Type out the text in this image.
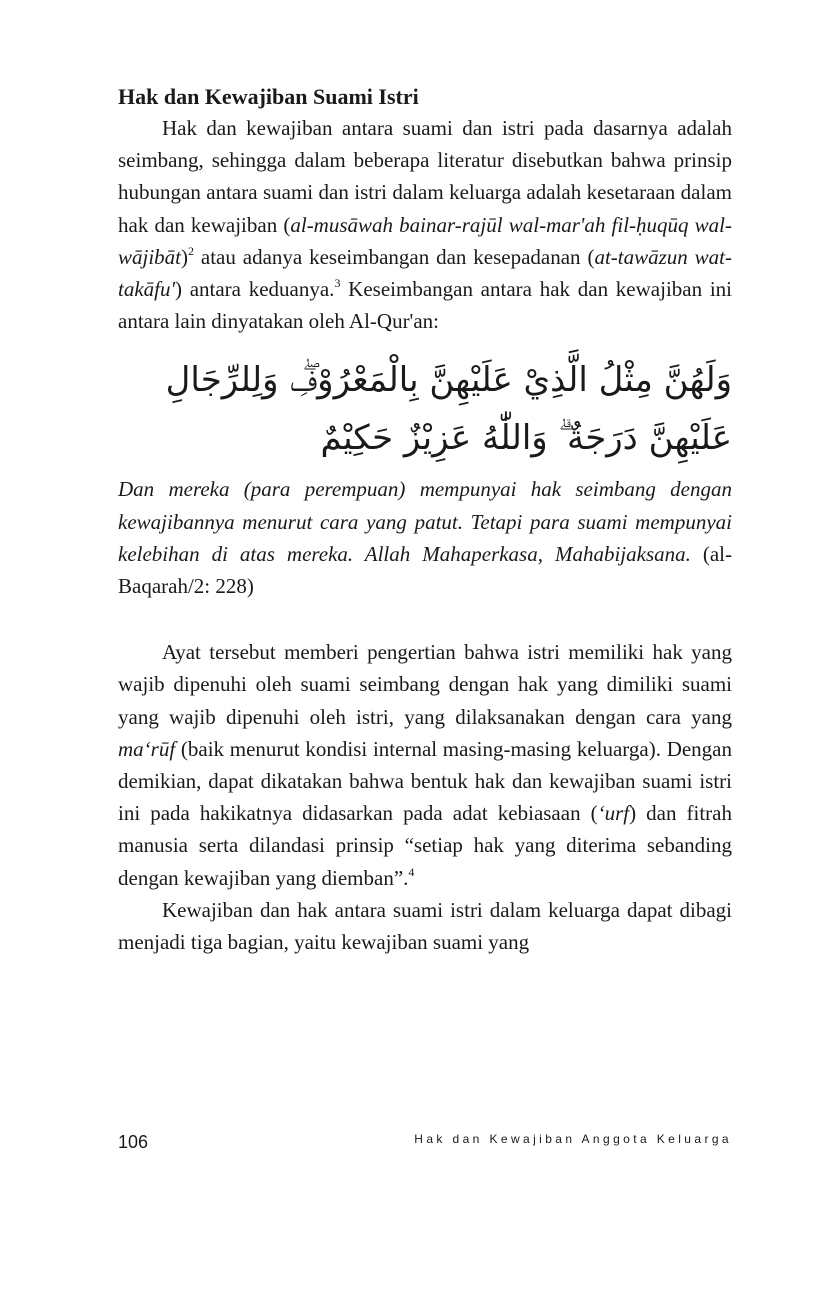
Hak dan Kewajiban Suami Istri

Hak dan kewajiban antara suami dan istri pada dasarnya adalah seimbang, sehingga dalam beberapa literatur disebutkan bahwa prinsip hubungan antara suami dan istri dalam keluarga adalah kesetaraan dalam hak dan kewajiban (al-musāwah bainar-rajūl wal-mar'ah fil-ḥuqūq wal-wājibāt)$^2$ atau adanya keseimbangan dan kesepadanan (at-tawāzun wat-takāfu') antara keduanya.$^3$ Keseimbangan antara hak dan kewajiban ini antara lain dinyatakan oleh Al-Qur'an:

وَلَهُنَّ مِثْلُ الَّذِيْ عَلَيْهِنَّ بِالْمَعْرُوْفِۖ وَلِلرِّجَالِ عَلَيْهِنَّ دَرَجَةٌ ۗ وَاللّٰهُ عَزِيْزٌ حَكِيْمٌ

Dan mereka (para perempuan) mempunyai hak seimbang dengan kewajibannya menurut cara yang patut. Tetapi para suami mempunyai kelebihan di atas mereka. Allah Mahaperkasa, Mahabijaksana. (al-Baqarah/2: 228)

Ayat tersebut memberi pengertian bahwa istri memiliki hak yang wajib dipenuhi oleh suami seimbang dengan hak yang dimiliki suami yang wajib dipenuhi oleh istri, yang dilaksanakan dengan cara yang ma‘rūf (baik menurut kondisi internal masing-masing keluarga). Dengan demikian, dapat dikatakan bahwa bentuk hak dan kewajiban suami istri ini pada hakikatnya didasarkan pada adat kebiasaan (‘urf) dan fitrah manusia serta dilandasi prinsip “setiap hak yang diterima sebanding dengan kewajiban yang diemban”.$^4$

Kewajiban dan hak antara suami istri dalam keluarga dapat dibagi menjadi tiga bagian, yaitu kewajiban suami yang

106	Hak dan Kewajiban Anggota Keluarga
